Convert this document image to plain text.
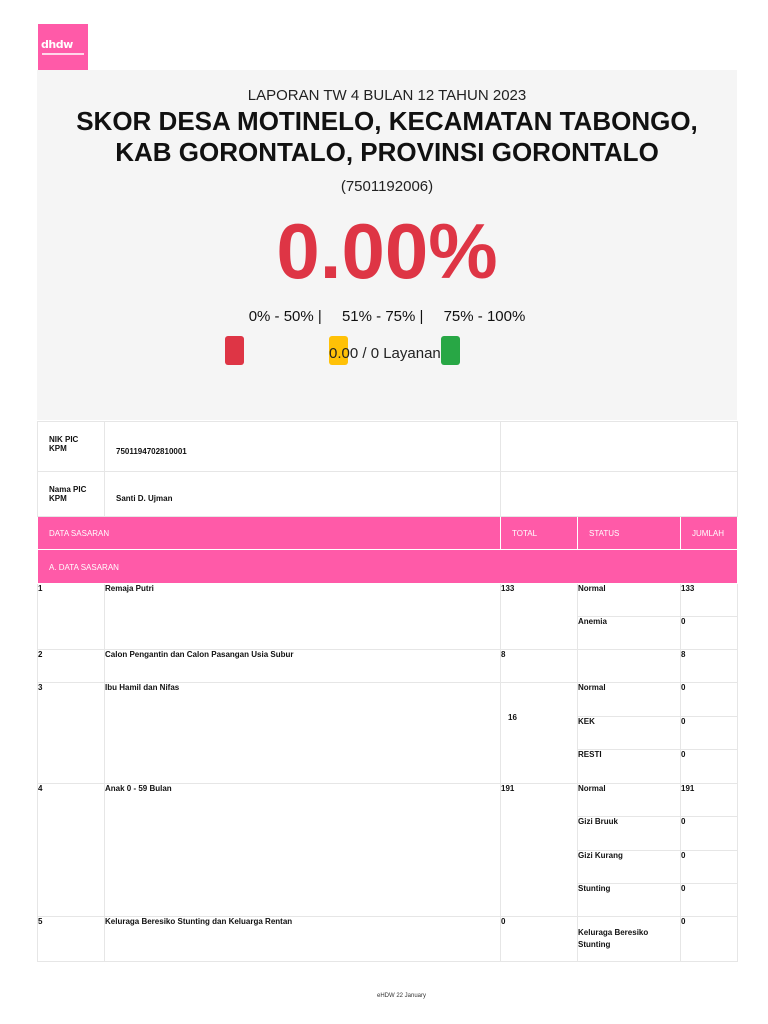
dhdw
LAPORAN TW 4 BULAN 12 TAHUN 2023
SKOR DESA MOTINELO, KECAMATAN TABONGO,
KAB GORONTALO, PROVINSI GORONTALO
(7501192006)
0.00%
0% - 50% | 51% - 75% | 75% - 100%
0.00 / 0 Layanan
NIK PIC KPM	7501194702810001			
Nama PIC KPM	Santi D. Ujman			
DATA SASARAN		TOTAL	STATUS	JUMLAH
A. DATA SASARAN				
1	Remaja Putri	133	Normal	133
			Anemia	0
2	Calon Pengantin dan Calon Pasangan Usia Subur	8		8
3	Ibu Hamil dan Nifas	16	Normal	0
			KEK	0
			RESTI	0
4	Anak 0 - 59 Bulan	191	Normal	191
			Gizi Bruuk	0
			Gizi Kurang	0
			Stunting	0
5	Keluraga Beresiko Stunting dan Keluarga Rentan	0	Keluraga Beresiko Stunting	0
eHDW 22 January
